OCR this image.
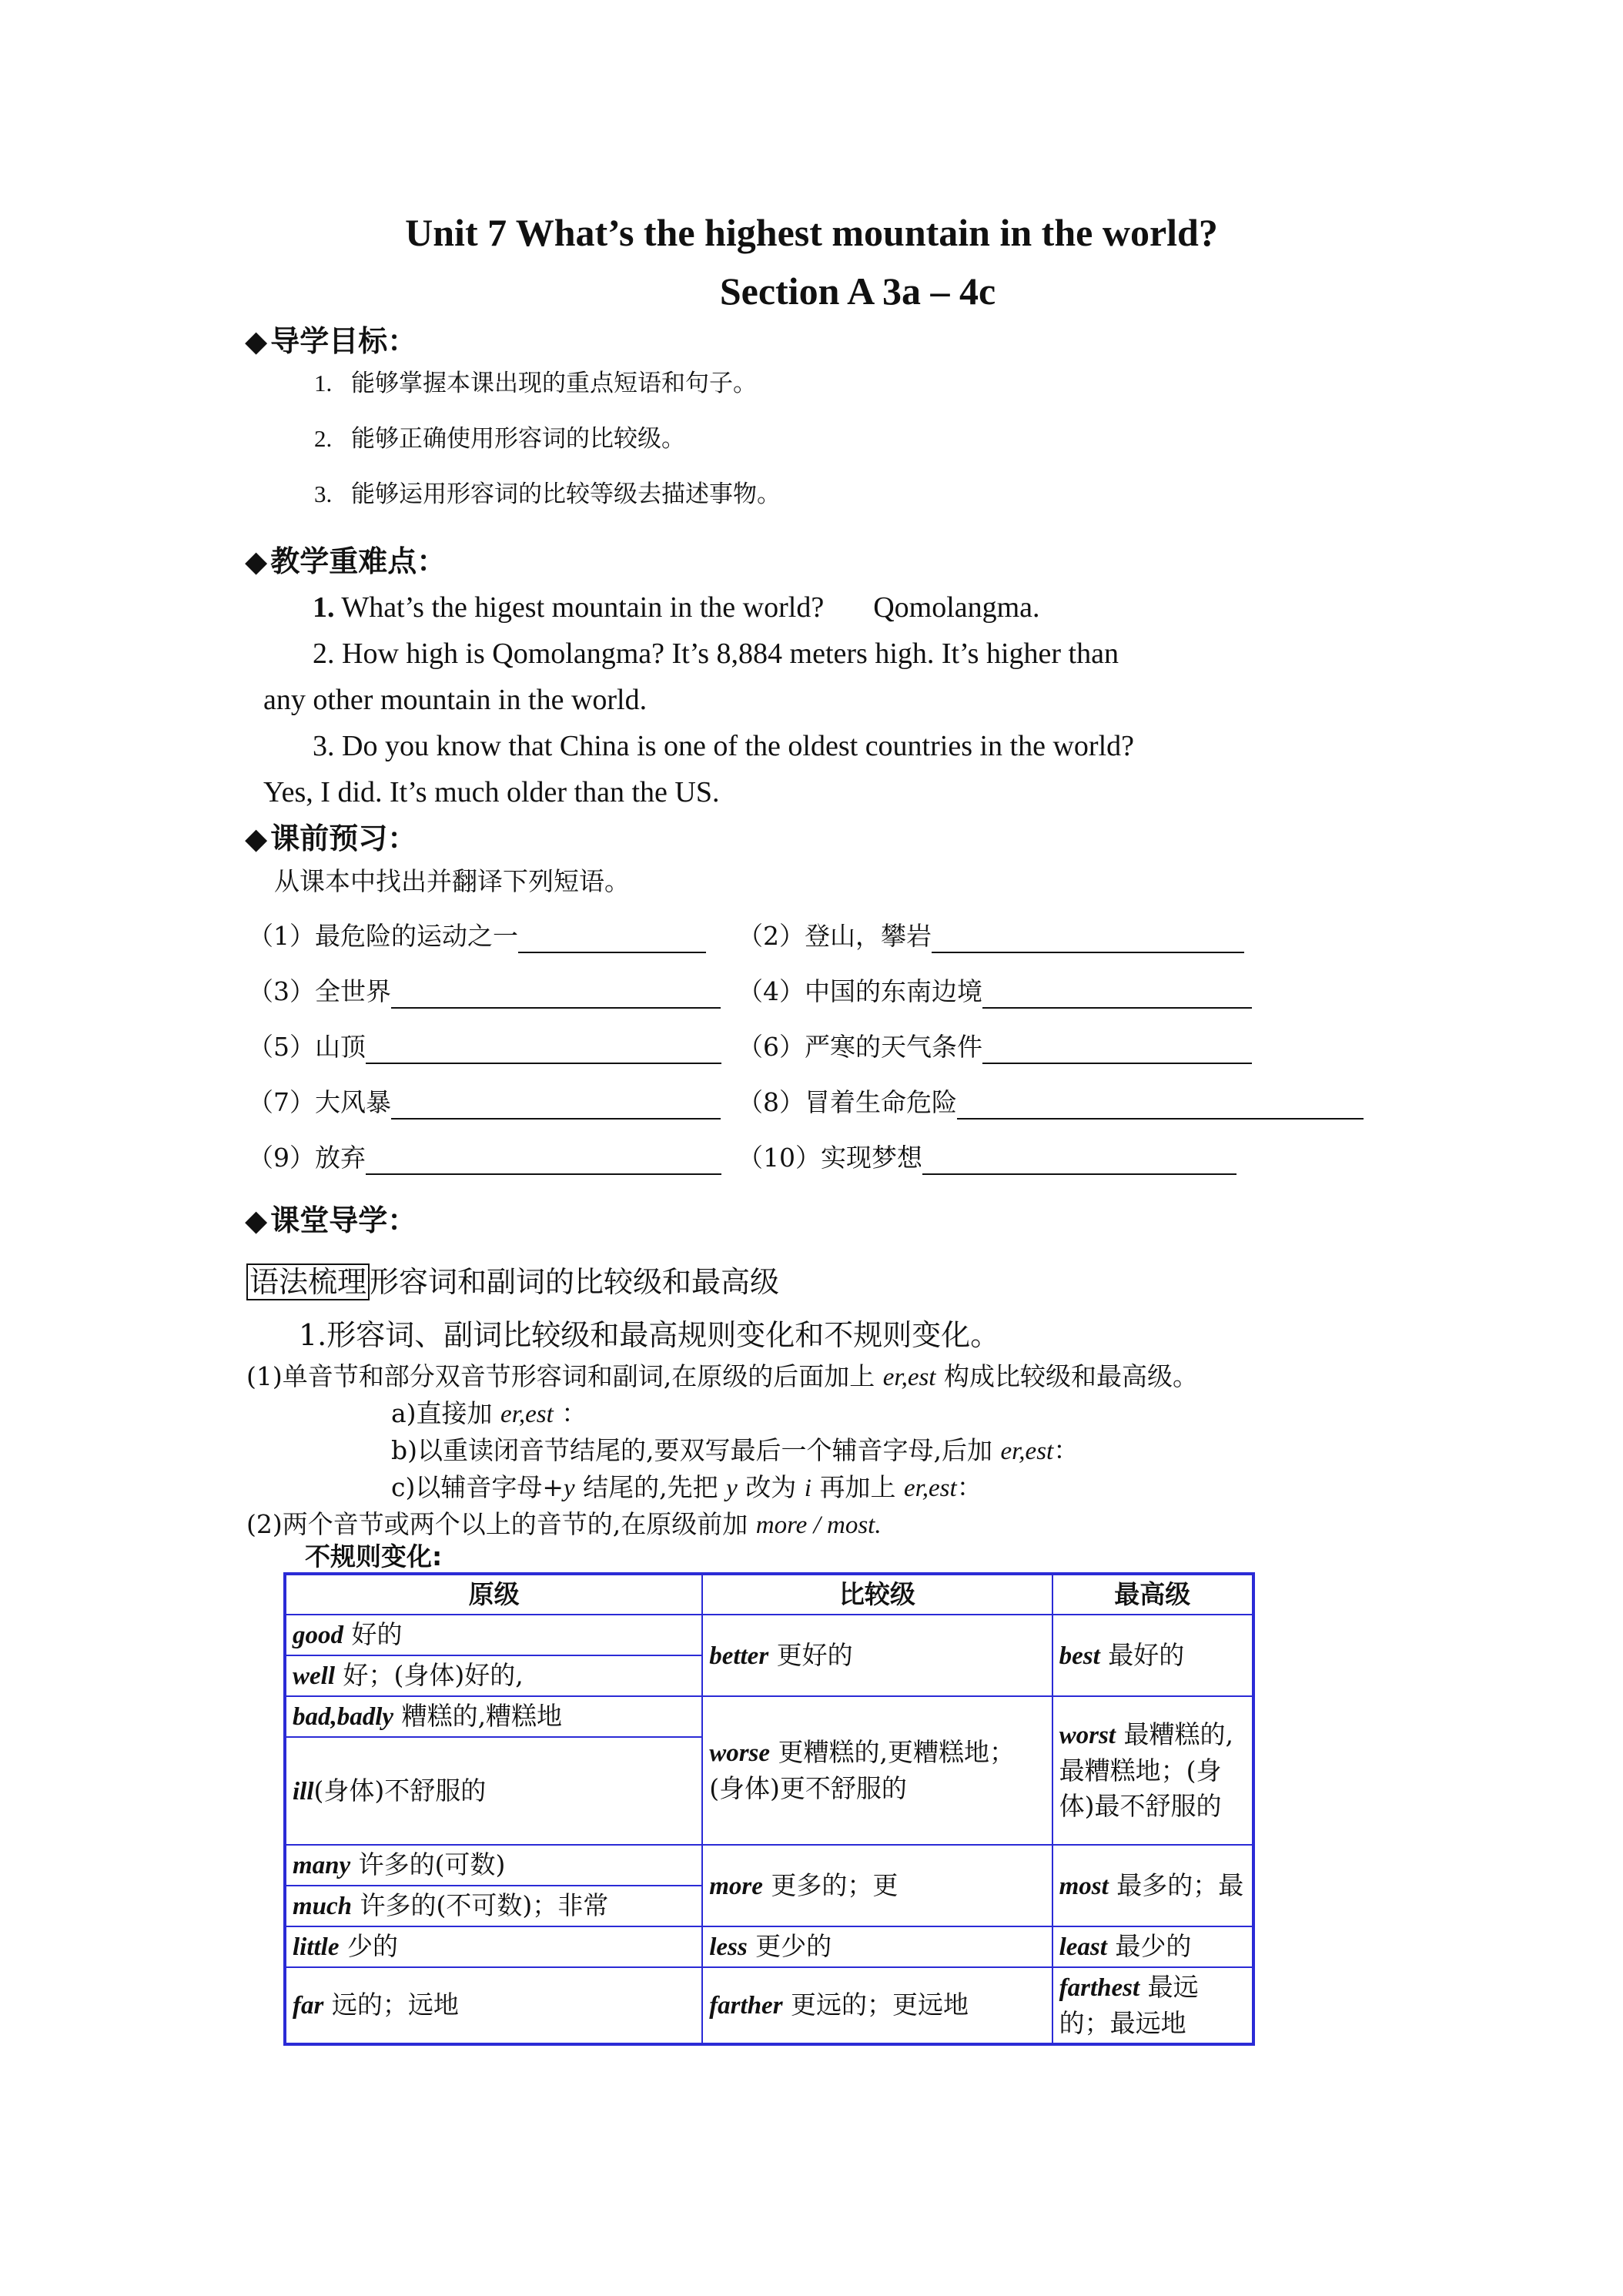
Unit 7 What’s the highest mountain in the world?
Section A 3a – 4c
◆ 导学目标：
1. 能够掌握本课出现的重点短语和句子。
2. 能够正确使用形容词的比较级。
3. 能够运用形容词的比较等级去描述事物。
◆ 教学重难点：
1. What’s the higest mountain in the world? Qomolangma.
2. How high is Qomolangma? It’s 8,884 meters high. It’s higher than
any other mountain in the world.
3. Do you know that China is one of the oldest countries in the world?
Yes, I did. It’s much older than the US.
◆ 课前预习：
从课本中找出并翻译下列短语。
（1）最危险的运动之一	（2）登山，攀岩
（3）全世界	（4）中国的东南边境
（5）山顶	（6）严寒的天气条件
（7）大风暴	（8）冒着生命危险
（9）放弃	（10）实现梦想
◆ 课堂导学：
语法梳理 形容词和副词的比较级和最高级
1.形容词、副词比较级和最高规则变化和不规则变化。
(1)单音节和部分双音节形容词和副词,在原级的后面加上 er,est 构成比较级和最高级。
a)直接加 er,est ：
b)以重读闭音节结尾的,要双写最后一个辅音字母,后加 er,est：
c)以辅音字母+y 结尾的,先把 y 改为 i 再加上 er,est：
(2)两个音节或两个以上的音节的,在原级前加 more / most.
不规则变化:
原级	比较级	最高级
good 好的	better 更好的	best 最好的
well 好；(身体)好的,		
bad,badly 糟糕的,糟糕地	worse 更糟糕的,更糟糕地；(身体)更不舒服的	worst 最糟糕的,最糟糕地；(身体)最不舒服的
ill(身体)不舒服的		
many 许多的(可数)	more 更多的；更	most 最多的；最
much 许多的(不可数)；非常		
little 少的	less 更少的	least 最少的
far 远的；远地	farther 更远的；更远地	farthest 最远的；最远地
